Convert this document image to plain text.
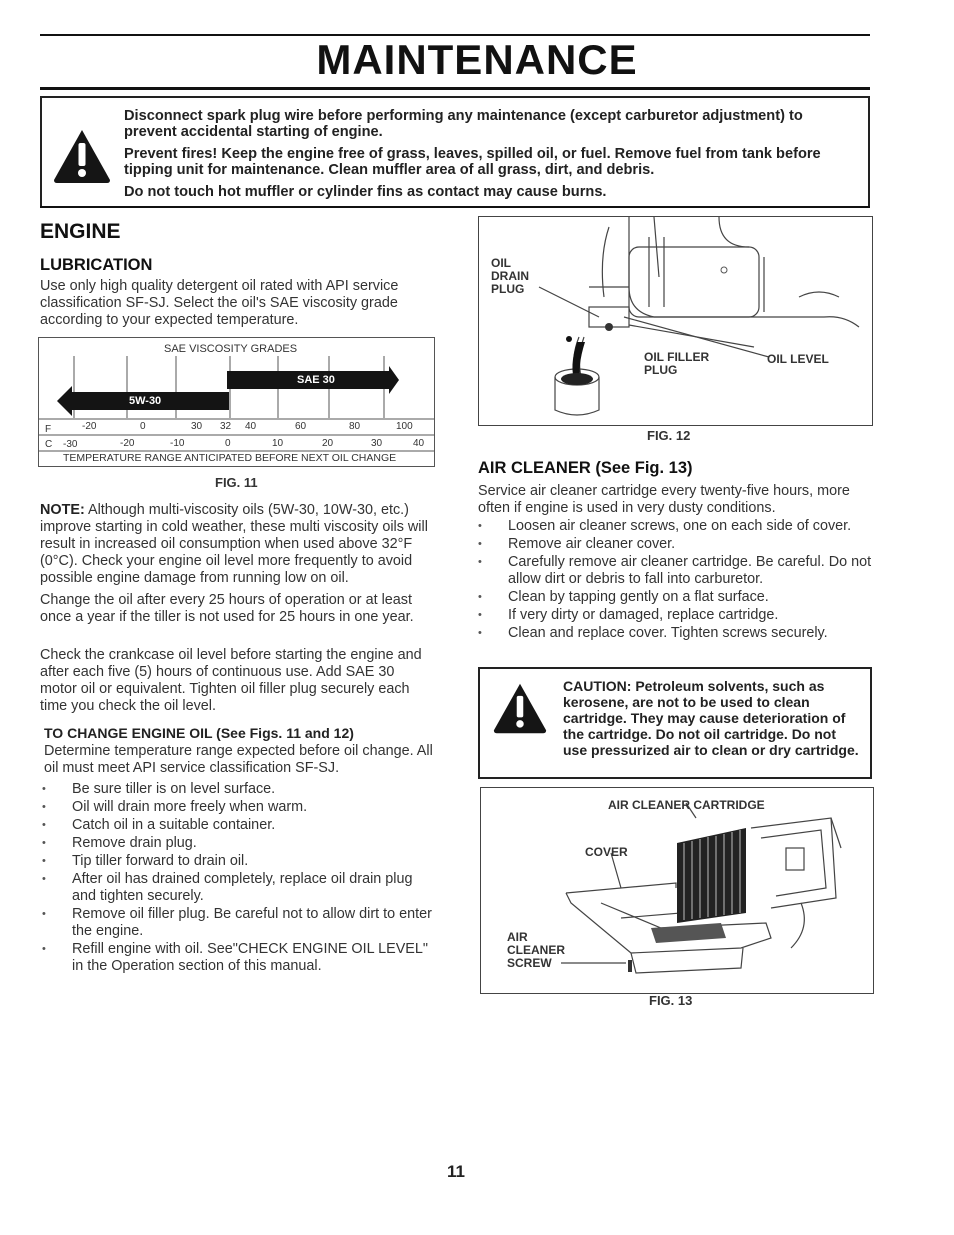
MAINTENANCE

Disconnect spark plug wire before performing any maintenance (except carburetor adjustment) to prevent accidental starting of engine.

Prevent fires! Keep the engine free of grass, leaves, spilled oil, or fuel. Remove fuel from tank before tipping unit for maintenance. Clean muffler area of all grass, dirt, and debris.

Do not touch hot muffler or cylinder fins as contact may cause burns.

ENGINE
LUBRICATION

Use only high quality detergent oil rated with API service classification SF-SJ. Select the oil's SAE viscosity grade according to your expected temperature.

SAE VISCOSITY GRADES
SAE 30
5W-30
F	-20	0	30 32 40	60	80	100
C -30	-20	-10	0	10	20	30	40
TEMPERATURE RANGE ANTICIPATED BEFORE NEXT OIL CHANGE
FIG. 11

NOTE: Although multi-viscosity oils (5W-30, 10W-30, etc.) improve starting in cold weather, these multi viscosity oils will result in increased oil consumption when used above 32°F (0°C). Check your engine oil level more frequently to avoid possible engine damage from running low on oil.

Change the oil after every 25 hours of operation or at least once a year if the tiller is not used for 25 hours in one year.

Check the crankcase oil level before starting the engine and after each five (5) hours of continuous use. Add SAE 30 motor oil or equivalent. Tighten oil filler plug securely each time you check the oil level.

TO CHANGE ENGINE OIL (See Figs. 11 and 12)

Determine temperature range expected before oil change. All oil must meet API service classification SF-SJ.

• Be sure tiller is on level surface.
• Oil will drain more freely when warm.
• Catch oil in a suitable container.
• Remove drain plug.
• Tip tiller forward to drain oil.
• After oil has drained completely, replace oil drain plug and tighten securely.
• Remove oil filler plug. Be careful not to allow dirt to enter the engine.
• Refill engine with oil. See"CHECK ENGINE OIL LEVEL" in the Operation section of this manual.
OIL
DRAIN
PLUG
OIL FILLER
PLUG
OIL LEVEL
FIG. 12
AIR CLEANER (See Fig. 13)

Service air cleaner cartridge every twenty-five hours, more often if engine is used in very dusty conditions.

• Loosen air cleaner screws, one on each side of cover.
• Remove air cleaner cover.
• Carefully remove air cleaner cartridge. Be careful. Do not allow dirt or debris to fall into carburetor.
• Clean by tapping gently on a flat surface.
• If very dirty or damaged, replace cartridge.
• Clean and replace cover. Tighten screws securely.

CAUTION: Petroleum solvents, such as kerosene, are not to be used to clean cartridge. They may cause deterioration of the cartridge. Do not oil cartridge. Do not use pressurized air to clean or dry cartridge.

AIR CLEANER CARTRIDGE
COVER
AIR
CLEANER
SCREW
FIG. 13
11
